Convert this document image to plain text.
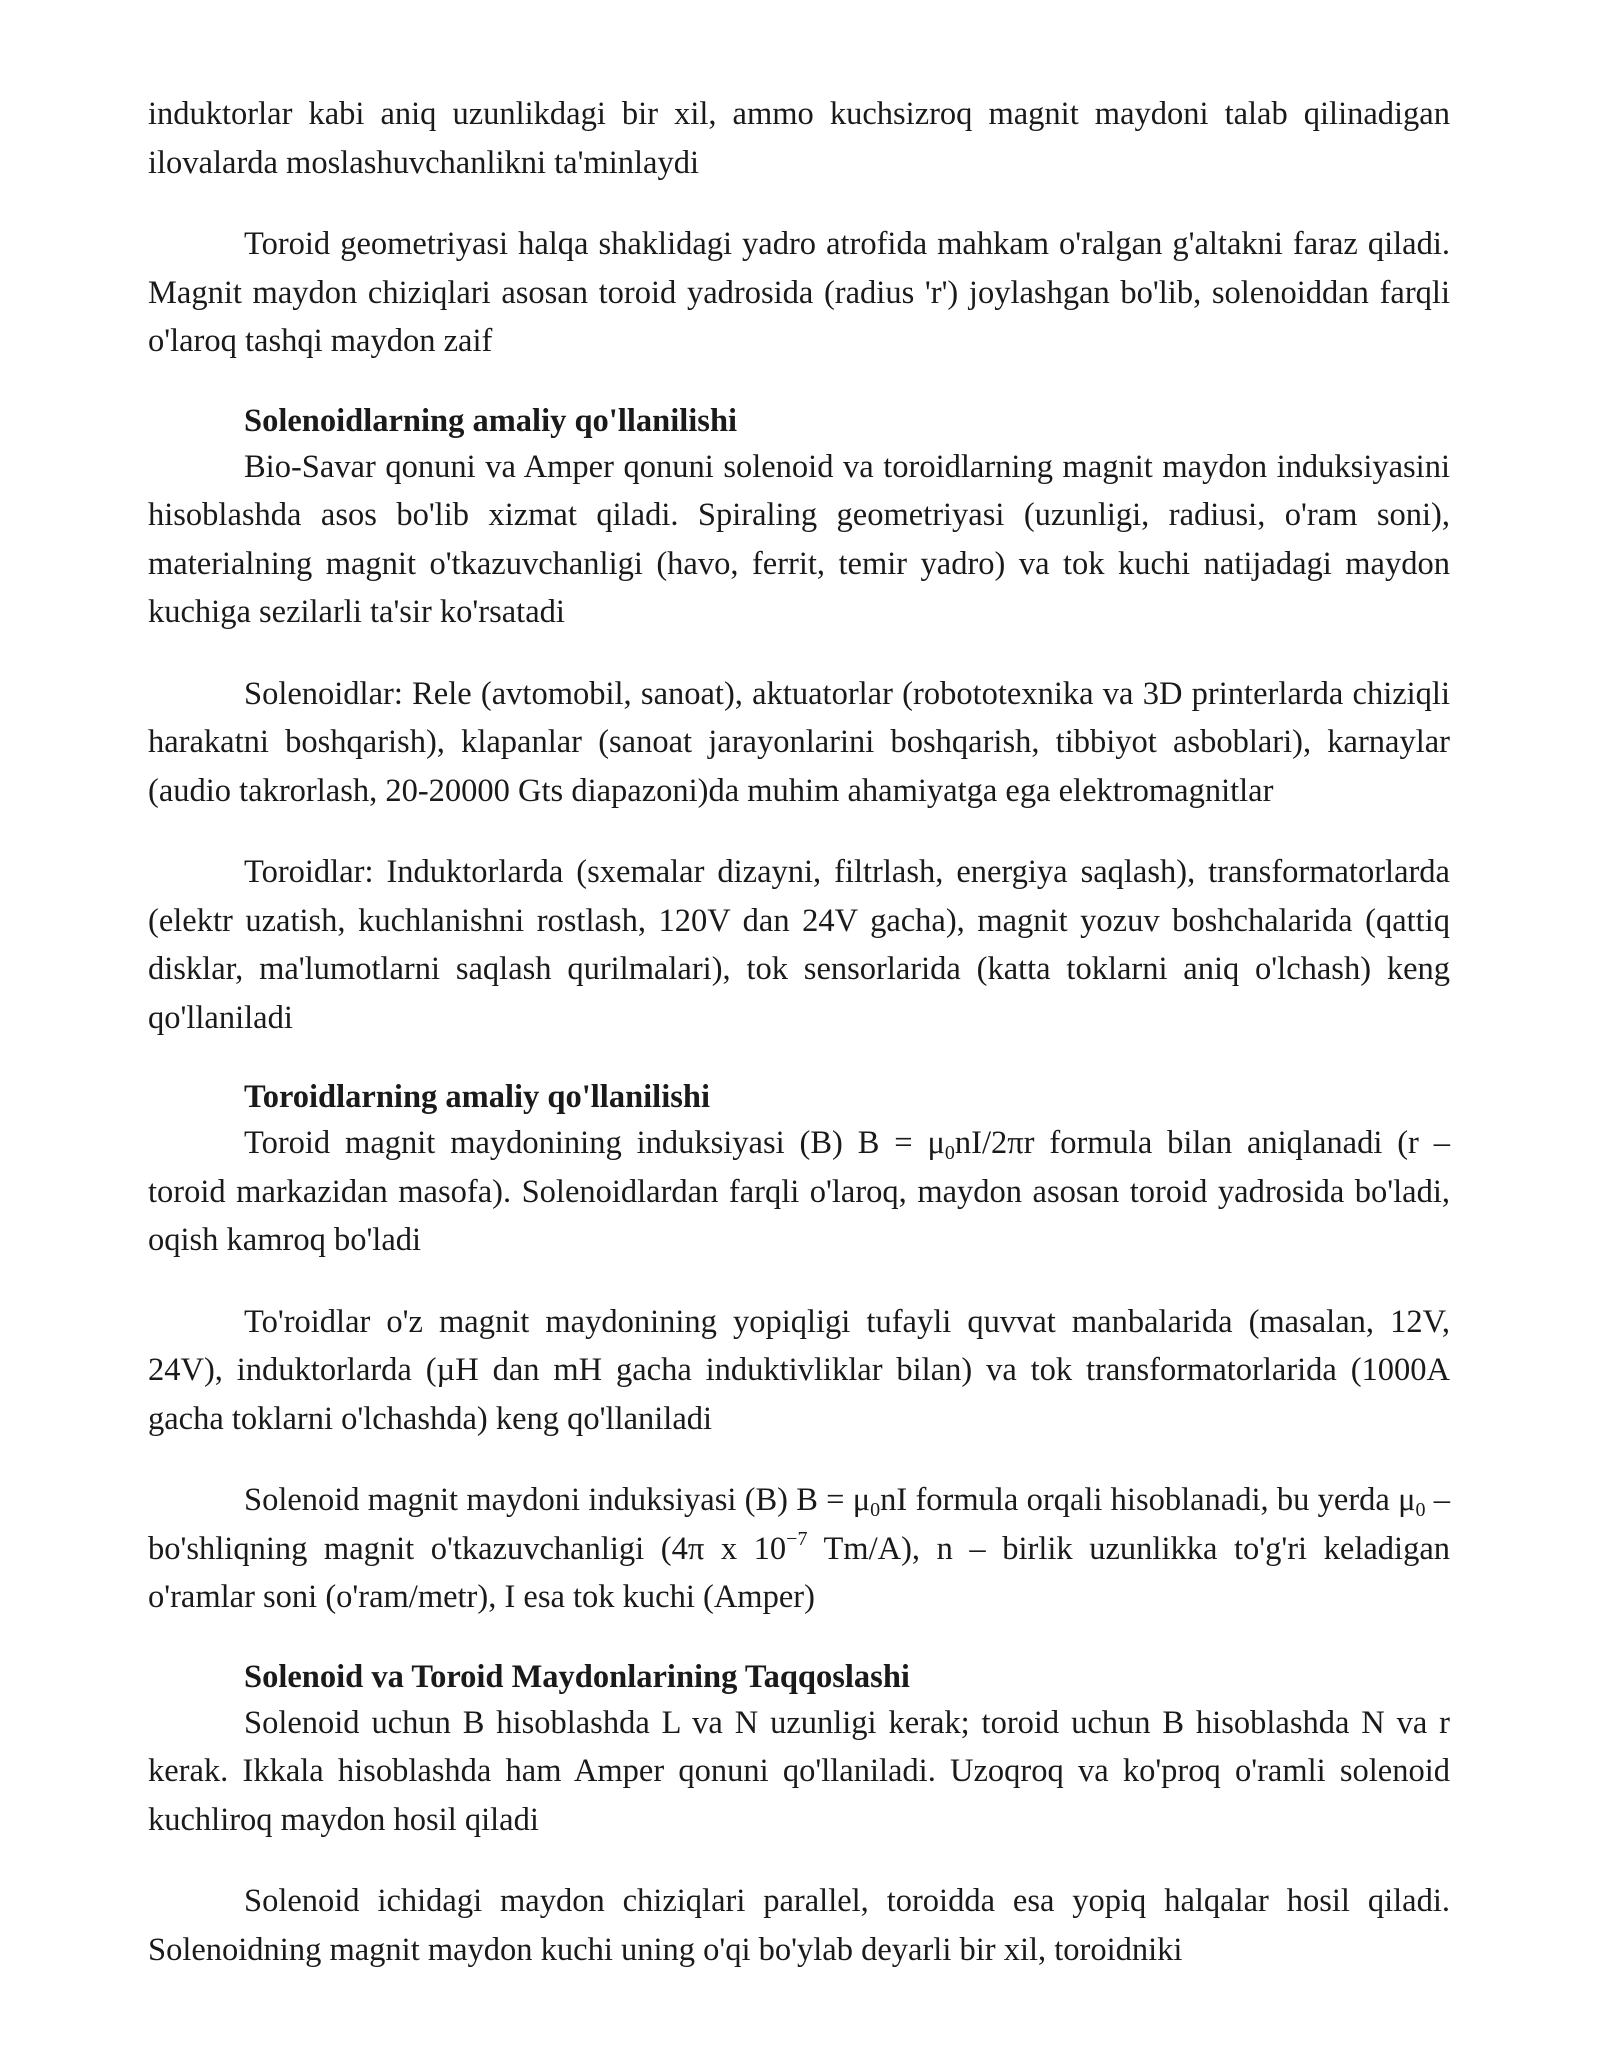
induktorlar kabi aniq uzunlikdagi bir xil, ammo kuchsizroq magnit maydoni talab qilinadigan ilovalarda moslashuvchanlikni ta'minlaydi

Toroid geometriyasi halqa shaklidagi yadro atrofida mahkam o'ralgan g'altakni faraz qiladi. Magnit maydon chiziqlari asosan toroid yadrosida (radius 'r') joylashgan bo'lib, solenoiddan farqli o'laroq tashqi maydon zaif

Solenoidlarning amaliy qo'llanilishi

Bio-Savar qonuni va Amper qonuni solenoid va toroidlarning magnit maydon induksiyasini hisoblashda asos bo'lib xizmat qiladi. Spiraling geometriyasi (uzunligi, radiusi, o'ram soni), materialning magnit o'tkazuvchanligi (havo, ferrit, temir yadro) va tok kuchi natijadagi maydon kuchiga sezilarli ta'sir ko'rsatadi

Solenoidlar: Rele (avtomobil, sanoat), aktuatorlar (robototexnika va 3D printerlarda chiziqli harakatni boshqarish), klapanlar (sanoat jarayonlarini boshqarish, tibbiyot asboblari), karnaylar (audio takrorlash, 20-20000 Gts diapazoni)da muhim ahamiyatga ega elektromagnitlar

Toroidlar: Induktorlarda (sxemalar dizayni, filtrlash, energiya saqlash), transformatorlarda (elektr uzatish, kuchlanishni rostlash, 120V dan 24V gacha), magnit yozuv boshchalarida (qattiq disklar, ma'lumotlarni saqlash qurilmalari), tok sensorlarida (katta toklarni aniq o'lchash) keng qo'llaniladi

Toroidlarning amaliy qo'llanilishi

Toroid magnit maydonining induksiyasi (B) $B = \mu_0nI/2\pi r$ formula bilan aniqlanadi (r – toroid markazidan masofa). Solenoidlardan farqli o'laroq, maydon asosan toroid yadrosida bo'ladi, oqish kamroq bo'ladi

To'roidlar o'z magnit maydonining yopiqligi tufayli quvvat manbalarida (masalan, 12V, 24V), induktorlarda (µH dan mH gacha induktivliklar bilan) va tok transformatorlarida (1000A gacha toklarni o'lchashda) keng qo'llaniladi

Solenoid magnit maydoni induksiyasi (B) $B = \mu_0nI$ formula orqali hisoblanadi, bu yerda $\mu_0$ – bo'shliqning magnit o'tkazuvchanligi (4π x $10^{-7}$ Tm/A), n – birlik uzunlikka to'g'ri keladigan o'ramlar soni (o'ram/metr), I esa tok kuchi (Amper)

Solenoid va Toroid Maydonlarining Taqqoslashi

Solenoid uchun B hisoblashda L va N uzunligi kerak; toroid uchun B hisoblashda N va r kerak. Ikkala hisoblashda ham Amper qonuni qo'llaniladi. Uzoqroq va ko'proq o'ramli solenoid kuchliroq maydon hosil qiladi

Solenoid ichidagi maydon chiziqlari parallel, toroidda esa yopiq halqalar hosil qiladi. Solenoidning magnit maydon kuchi uning o'qi bo'ylab deyarli bir xil, toroidniki
